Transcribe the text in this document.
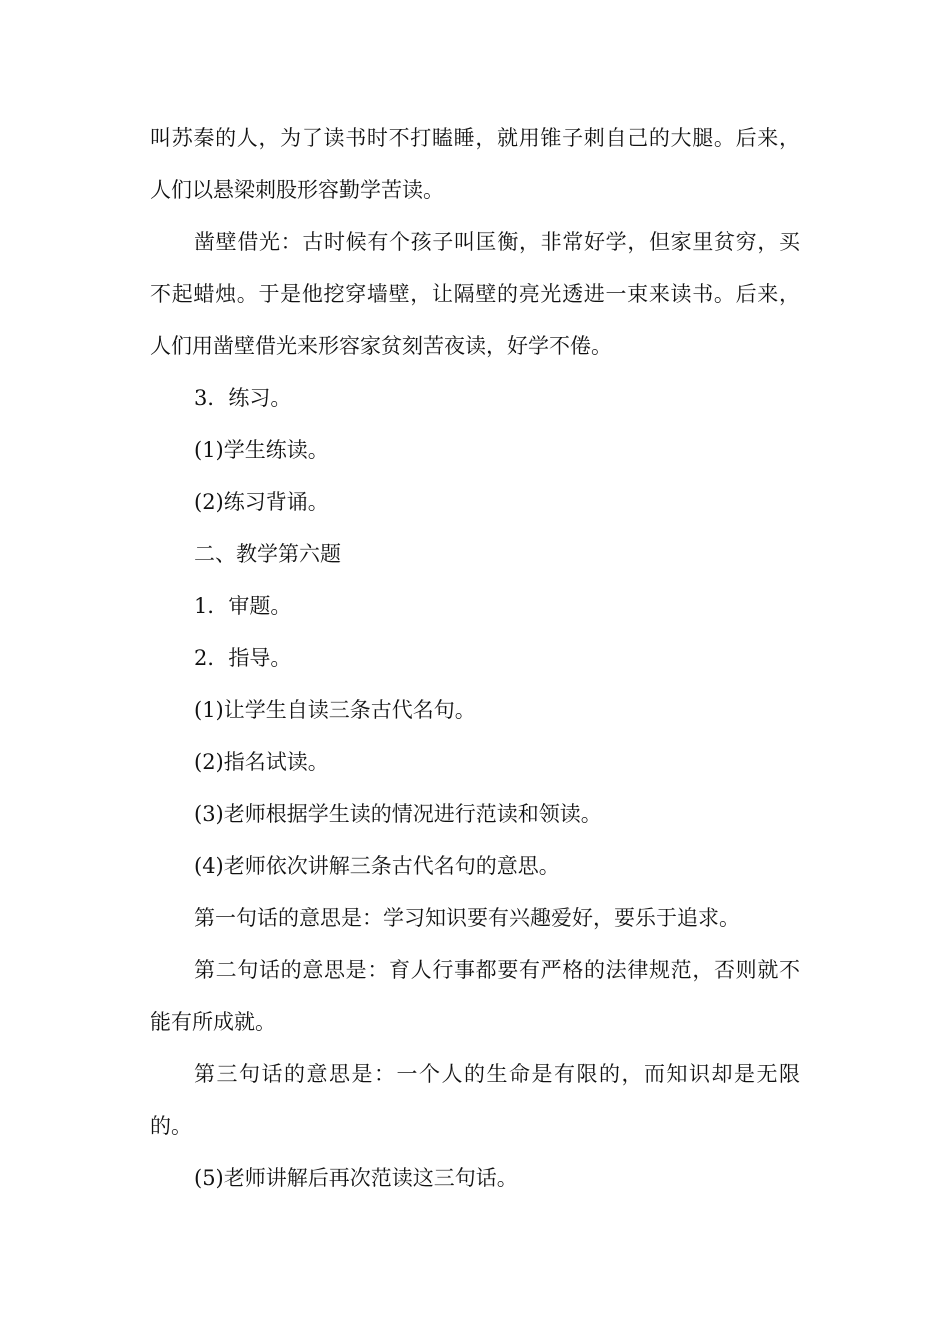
叫苏秦的人，为了读书时不打瞌睡，就用锥子刺自己的大腿。后来，人们以悬梁刺股形容勤学苦读。

凿壁借光：古时候有个孩子叫匡衡，非常好学，但家里贫穷，买不起蜡烛。于是他挖穿墙壁，让隔壁的亮光透进一束来读书。后来，人们用凿壁借光来形容家贫刻苦夜读，好学不倦。

3．练习。

(1)学生练读。

(2)练习背诵。

二、教学第六题

1．审题。

2．指导。

(1)让学生自读三条古代名句。

(2)指名试读。

(3)老师根据学生读的情况进行范读和领读。

(4)老师依次讲解三条古代名句的意思。

第一句话的意思是：学习知识要有兴趣爱好，要乐于追求。

第二句话的意思是：育人行事都要有严格的法律规范，否则就不能有所成就。

第三句话的意思是：一个人的生命是有限的，而知识却是无限的。

(5)老师讲解后再次范读这三句话。
